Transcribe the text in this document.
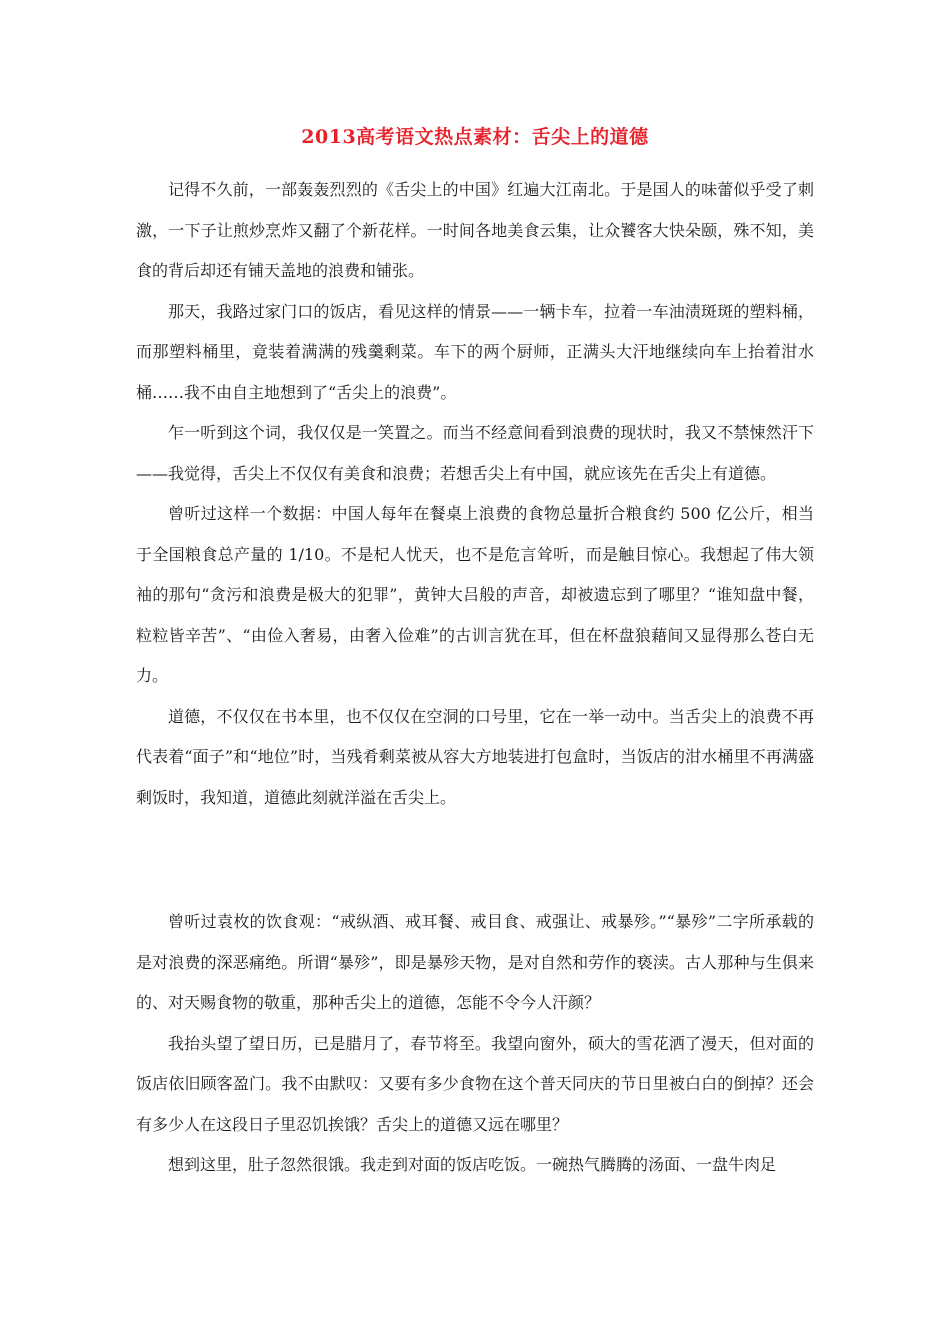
2013高考语文热点素材：舌尖上的道德

记得不久前，一部轰轰烈烈的《舌尖上的中国》红遍大江南北。于是国人的味蕾似乎受了刺激，一下子让煎炒烹炸又翻了个新花样。一时间各地美食云集，让众饕客大快朵颐，殊不知，美食的背后却还有铺天盖地的浪费和铺张。

那天，我路过家门口的饭店，看见这样的情景——一辆卡车，拉着一车油渍斑斑的塑料桶，而那塑料桶里，竟装着满满的残羹剩菜。车下的两个厨师，正满头大汗地继续向车上抬着泔水桶……我不由自主地想到了“舌尖上的浪费”。

乍一听到这个词，我仅仅是一笑置之。而当不经意间看到浪费的现状时，我又不禁悚然汗下——我觉得，舌尖上不仅仅有美食和浪费；若想舌尖上有中国，就应该先在舌尖上有道德。

曾听过这样一个数据：中国人每年在餐桌上浪费的食物总量折合粮食约 500 亿公斤，相当于全国粮食总产量的 1/10。不是杞人忧天，也不是危言耸听，而是触目惊心。我想起了伟大领袖的那句“贪污和浪费是极大的犯罪”，黄钟大吕般的声音，却被遗忘到了哪里？“谁知盘中餐，粒粒皆辛苦”、“由俭入奢易，由奢入俭难”的古训言犹在耳，但在杯盘狼藉间又显得那么苍白无力。

道德，不仅仅在书本里，也不仅仅在空洞的口号里，它在一举一动中。当舌尖上的浪费不再代表着“面子”和“地位”时，当残肴剩菜被从容大方地装进打包盒时，当饭店的泔水桶里不再满盛剩饭时，我知道，道德此刻就洋溢在舌尖上。

曾听过袁枚的饮食观：“戒纵酒、戒耳餐、戒目食、戒强让、戒暴殄。”“暴殄”二字所承载的是对浪费的深恶痛绝。所谓“暴殄”，即是暴殄天物，是对自然和劳作的亵渎。古人那种与生俱来的、对天赐食物的敬重，那种舌尖上的道德，怎能不令今人汗颜？

我抬头望了望日历，已是腊月了，春节将至。我望向窗外，硕大的雪花洒了漫天，但对面的饭店依旧顾客盈门。我不由默叹：又要有多少食物在这个普天同庆的节日里被白白的倒掉？还会有多少人在这段日子里忍饥挨饿？舌尖上的道德又远在哪里？

想到这里，肚子忽然很饿。我走到对面的饭店吃饭。一碗热气腾腾的汤面、一盘牛肉足
